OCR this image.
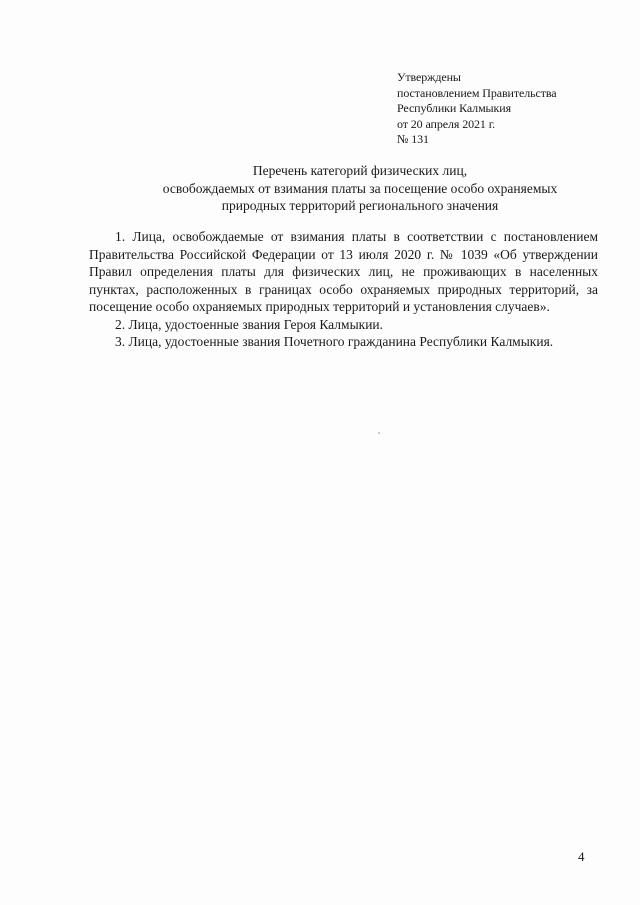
Утверждены
постановлением Правительства
Республики Калмыкия
от 20 апреля 2021 г.
№ 131
Перечень категорий физических лиц,
освобождаемых от взимания платы за посещение особо охраняемых
природных территорий регионального значения

1. Лица, освобождаемые от взимания платы в соответствии с постановлением Правительства Российской Федерации от 13 июля 2020 г. № 1039 «Об утверждении Правил определения платы для физических лиц, не проживающих в населенных пунктах, расположенных в границах особо охраняемых природных территорий, за посещение особо охраняемых природных территорий и установления случаев».

2. Лица, удостоенные звания Героя Калмыкии.

3. Лица, удостоенные звания Почетного гражданина Республики Калмыкия.

4
